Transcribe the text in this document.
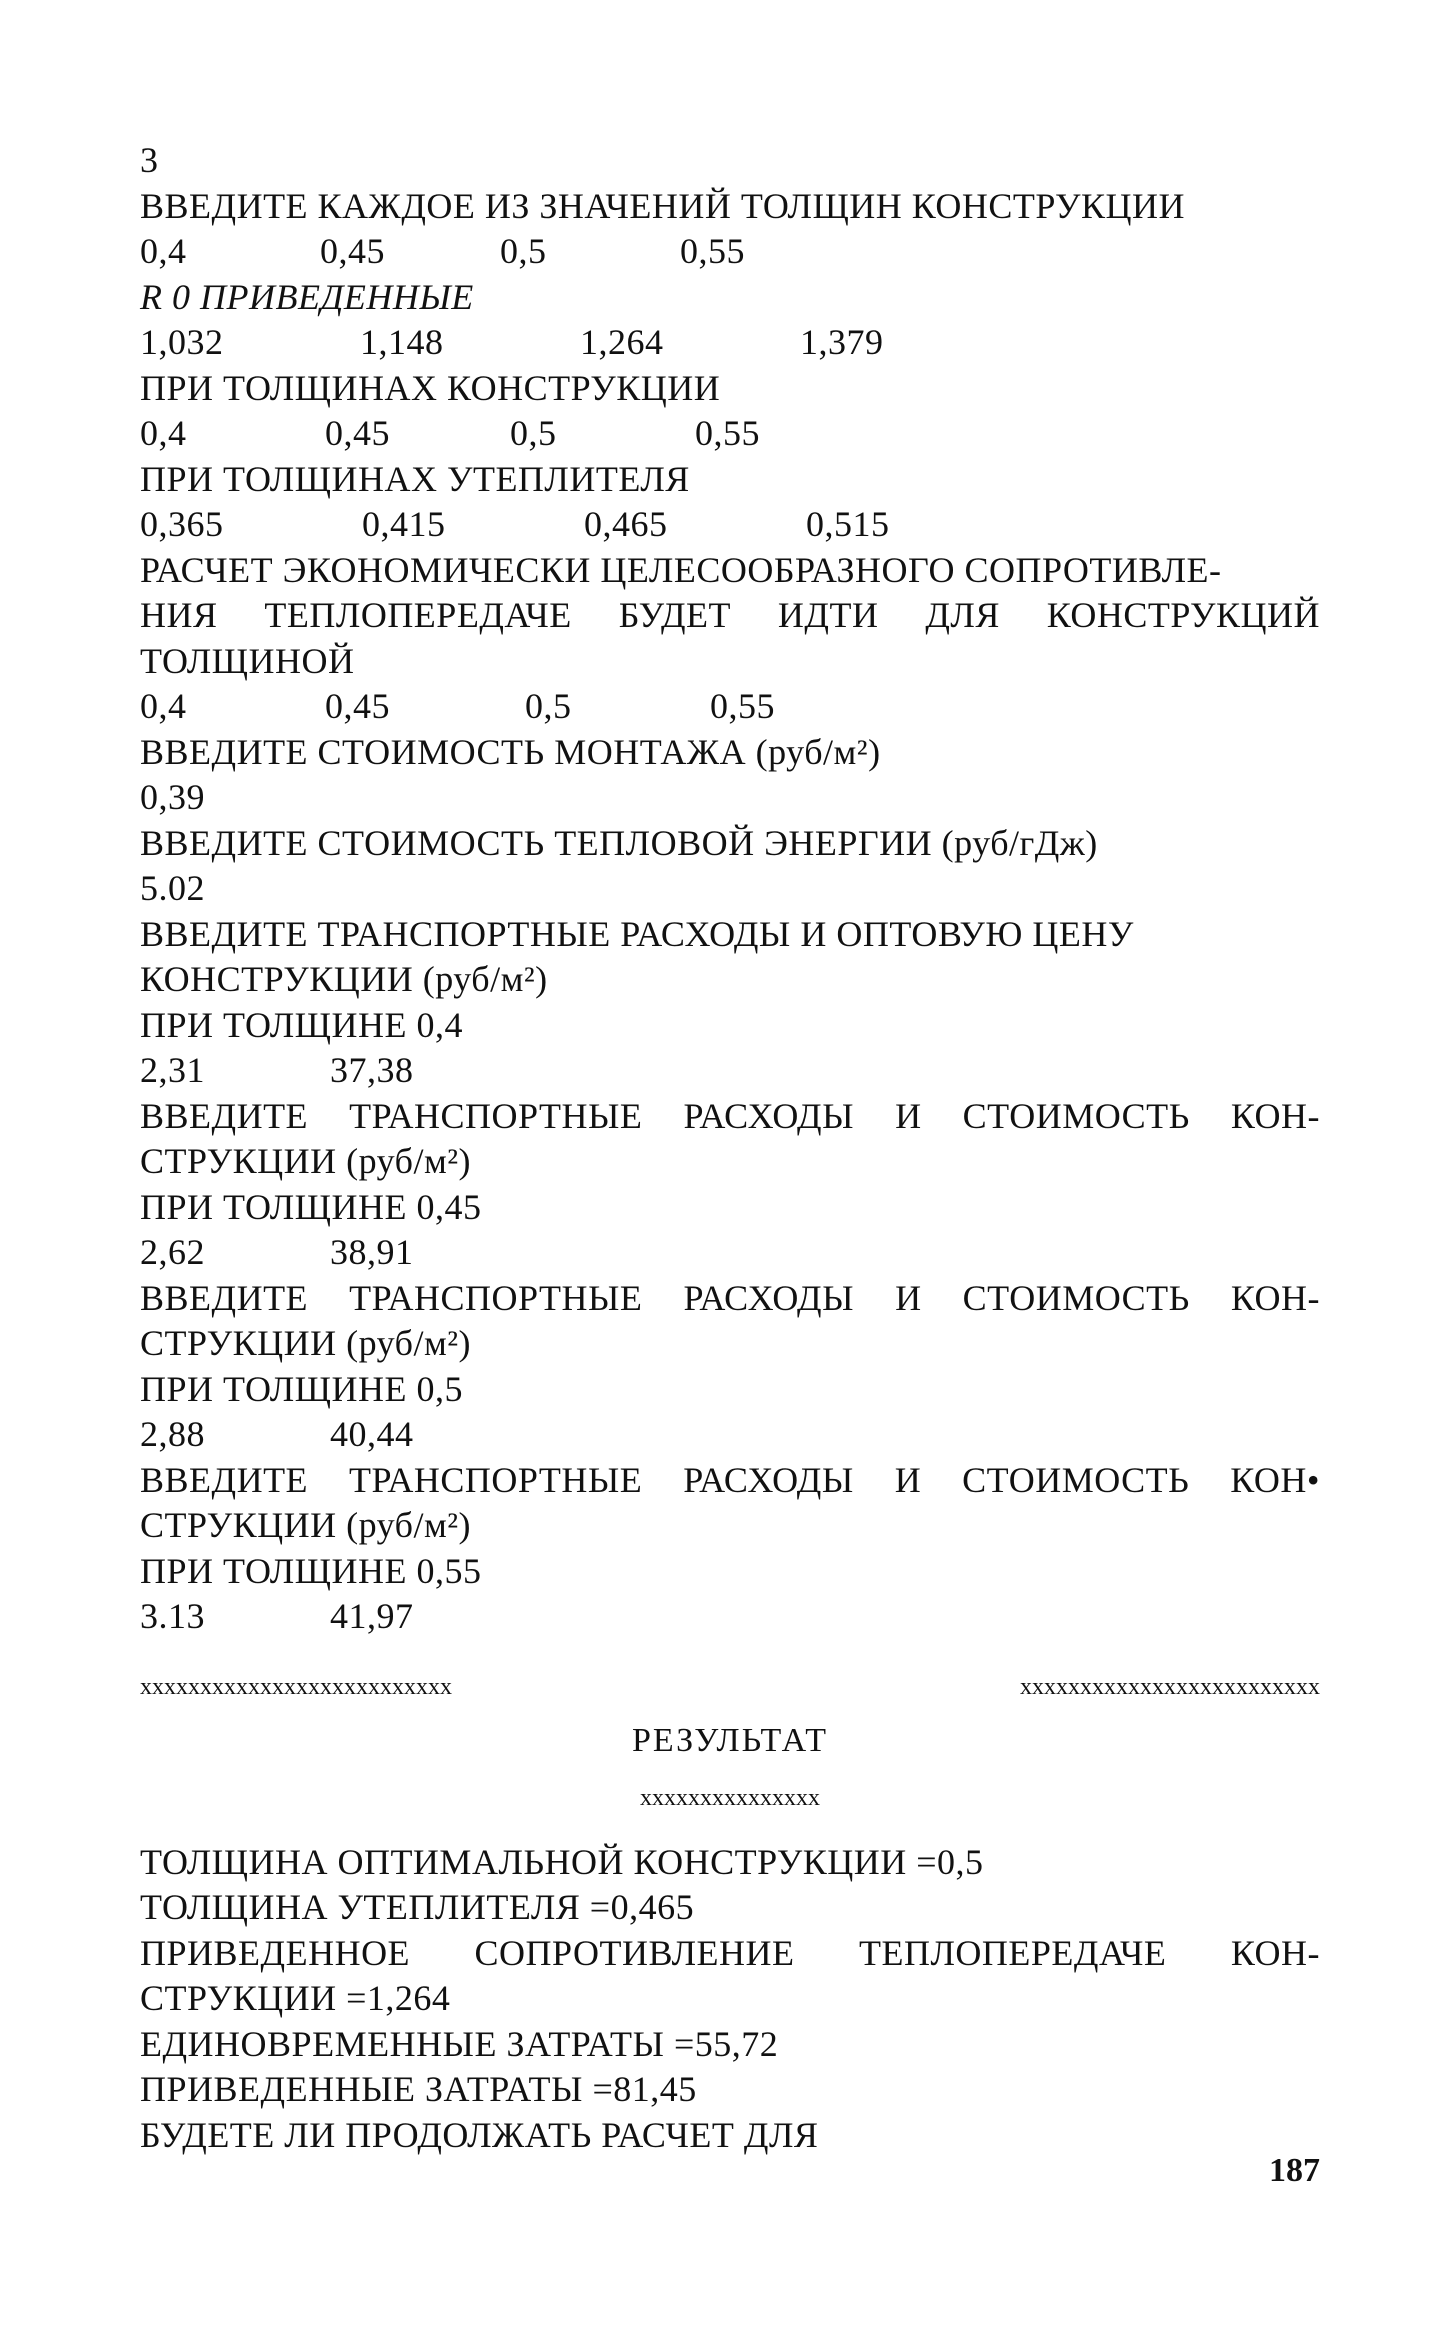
3
ВВЕДИТЕ КАЖДОЕ ИЗ ЗНАЧЕНИЙ ТОЛЩИН КОНСТРУКЦИИ
0,4	0,45	0,5	0,55
R 0 ПРИВЕДЕННЫЕ
1,032	1,148	1,264	1,379
ПРИ ТОЛЩИНАХ КОНСТРУКЦИИ
0,4	0,45	0,5	0,55
ПРИ ТОЛЩИНАХ УТЕПЛИТЕЛЯ
0,365	0,415	0,465	0,515
РАСЧЕТ ЭКОНОМИЧЕСКИ ЦЕЛЕСООБРАЗНОГО СОПРОТИВЛЕ-
НИЯ ТЕПЛОПЕРЕДАЧЕ БУДЕТ ИДТИ ДЛЯ КОНСТРУКЦИЙ
ТОЛЩИНОЙ
0,4	0,45	0,5	0,55
ВВЕДИТЕ СТОИМОСТЬ МОНТАЖА (руб/м²)
0,39
ВВЕДИТЕ СТОИМОСТЬ ТЕПЛОВОЙ ЭНЕРГИИ (руб/гДж)
5.02
ВВЕДИТЕ ТРАНСПОРТНЫЕ РАСХОДЫ И ОПТОВУЮ ЦЕНУ
КОНСТРУКЦИИ (руб/м²)
ПРИ ТОЛЩИНЕ 0,4
2,31	37,38
ВВЕДИТЕ ТРАНСПОРТНЫЕ РАСХОДЫ И СТОИМОСТЬ КОН-
СТРУКЦИИ (руб/м²)
ПРИ ТОЛЩИНЕ 0,45
2,62	38,91
ВВЕДИТЕ ТРАНСПОРТНЫЕ РАСХОДЫ И СТОИМОСТЬ КОН-
СТРУКЦИИ (руб/м²)
ПРИ ТОЛЩИНЕ 0,5
2,88	40,44
ВВЕДИТЕ ТРАНСПОРТНЫЕ РАСХОДЫ И СТОИМОСТЬ КОН•
СТРУКЦИИ (руб/м²)
ПРИ ТОЛЩИНЕ 0,55
3.13	41,97
xxxxxxxxxxxxxxxxxxxxxxxxxx	xxxxxxxxxxxxxxxxxxxxxxxxx
РЕЗУЛЬТАТ
xxxxxxxxxxxxxxx
ТОЛЩИНА ОПТИМАЛЬНОЙ КОНСТРУКЦИИ =0,5
ТОЛЩИНА УТЕПЛИТЕЛЯ =0,465
ПРИВЕДЕННОЕ СОПРОТИВЛЕНИЕ ТЕПЛОПЕРЕДАЧЕ КОН-
СТРУКЦИИ =1,264
ЕДИНОВРЕМЕННЫЕ ЗАТРАТЫ =55,72
ПРИВЕДЕННЫЕ ЗАТРАТЫ =81,45
БУДЕТЕ ЛИ ПРОДОЛЖАТЬ РАСЧЕТ ДЛЯ
187
